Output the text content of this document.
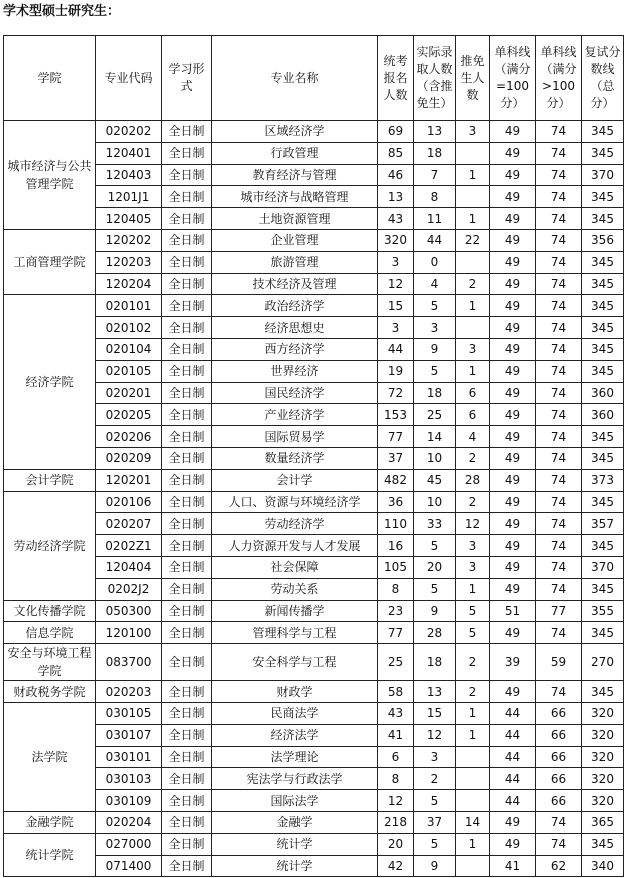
学术型硕士研究生：
学院	专业代码	学习形式	专业名称	统考报名人数	实际录取人数（含推免生）	推免生人数	单科线（满分=100分）	单科线（满分>100分）	复试分数线（总分）
城市经济与公共管理学院	020202	全日制	区域经济学	69	13	3	49	74	345
	120401	全日制	行政管理	85	18		49	74	345
	120403	全日制	教育经济与管理	46	7	1	49	74	370
	1201J1	全日制	城市经济与战略管理	13	8		49	74	345
	120405	全日制	土地资源管理	43	11	1	49	74	345
工商管理学院	120202	全日制	企业管理	320	44	22	49	74	356
	120203	全日制	旅游管理	3	0		49	74	345
	120204	全日制	技术经济及管理	12	4	2	49	74	345
经济学院	020101	全日制	政治经济学	15	5	1	49	74	345
	020102	全日制	经济思想史	3	3		49	74	345
	020104	全日制	西方经济学	44	9	3	49	74	345
	020105	全日制	世界经济	19	5	1	49	74	345
	020201	全日制	国民经济学	72	18	6	49	74	360
	020205	全日制	产业经济学	153	25	6	49	74	360
	020206	全日制	国际贸易学	77	14	4	49	74	345
	020209	全日制	数量经济学	37	10	2	49	74	345
会计学院	120201	全日制	会计学	482	45	28	49	74	373
劳动经济学院	020106	全日制	人口、资源与环境经济学	36	10	2	49	74	345
	020207	全日制	劳动经济学	110	33	12	49	74	357
	0202Z1	全日制	人力资源开发与人才发展	16	5	3	49	74	345
	120404	全日制	社会保障	105	20	3	49	74	370
	0202J2	全日制	劳动关系	8	5	1	49	74	345
文化传播学院	050300	全日制	新闻传播学	23	9	5	51	77	355
信息学院	120100	全日制	管理科学与工程	77	28	5	49	74	345
安全与环境工程学院	083700	全日制	安全科学与工程	25	18	2	39	59	270
财政税务学院	020203	全日制	财政学	58	13	2	49	74	345
法学院	030105	全日制	民商法学	43	15	1	44	66	320
	030107	全日制	经济法学	41	12	1	44	66	320
	030101	全日制	法学理论	6	3		44	66	320
	030103	全日制	宪法学与行政法学	8	2		44	66	320
	030109	全日制	国际法学	12	5		44	66	320
金融学院	020204	全日制	金融学	218	37	14	49	74	365
统计学院	027000	全日制	统计学	20	5	1	49	74	345
	071400	全日制	统计学	42	9		41	62	340
